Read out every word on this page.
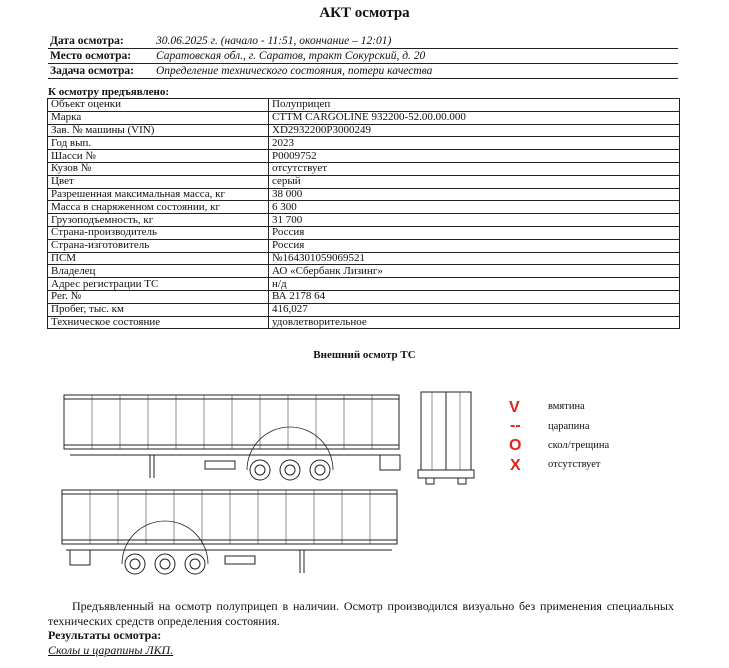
АКТ осмотра
Дата осмотра:	30.06.2025 г. (начало - 11:51, окончание – 12:01)
Место осмотра:	Саратовская обл., г. Саратов, тракт Сокурский, д. 20
Задача осмотра:	Определение технического состояния, потери качества
К осмотру предъявлено:
Объект оценки	Полуприцеп
Марка	СТТМ CARGOLINE 932200-52.00.00.000
Зав. № машины (VIN)	XD2932200P3000249
Год вып.	2023
Шасси №	P0009752
Кузов №	отсутствует
Цвет	серый
Разрешенная максимальная масса, кг	38 000
Масса в снаряженном состоянии, кг	6 300
Грузоподъемность, кг	31 700
Страна-производитель	Россия
Страна-изготовитель	Россия
ПСМ	№164301059069521
Владелец	АО «Сбербанк Лизинг»
Адрес регистрации ТС	н/д
Рег. №	ВА 2178 64
Пробег, тыс. км	416,027
Техническое состояние	удовлетворительное
Внешний осмотр ТС
V	вмятина
--	царапина
O	скол/трещина
X	отсутствует
Предъявленный на осмотр полуприцеп в наличии. Осмотр производился визуально без применения специальных технических средств определения состояния.
Результаты осмотра:
Сколы и царапины ЛКП.
